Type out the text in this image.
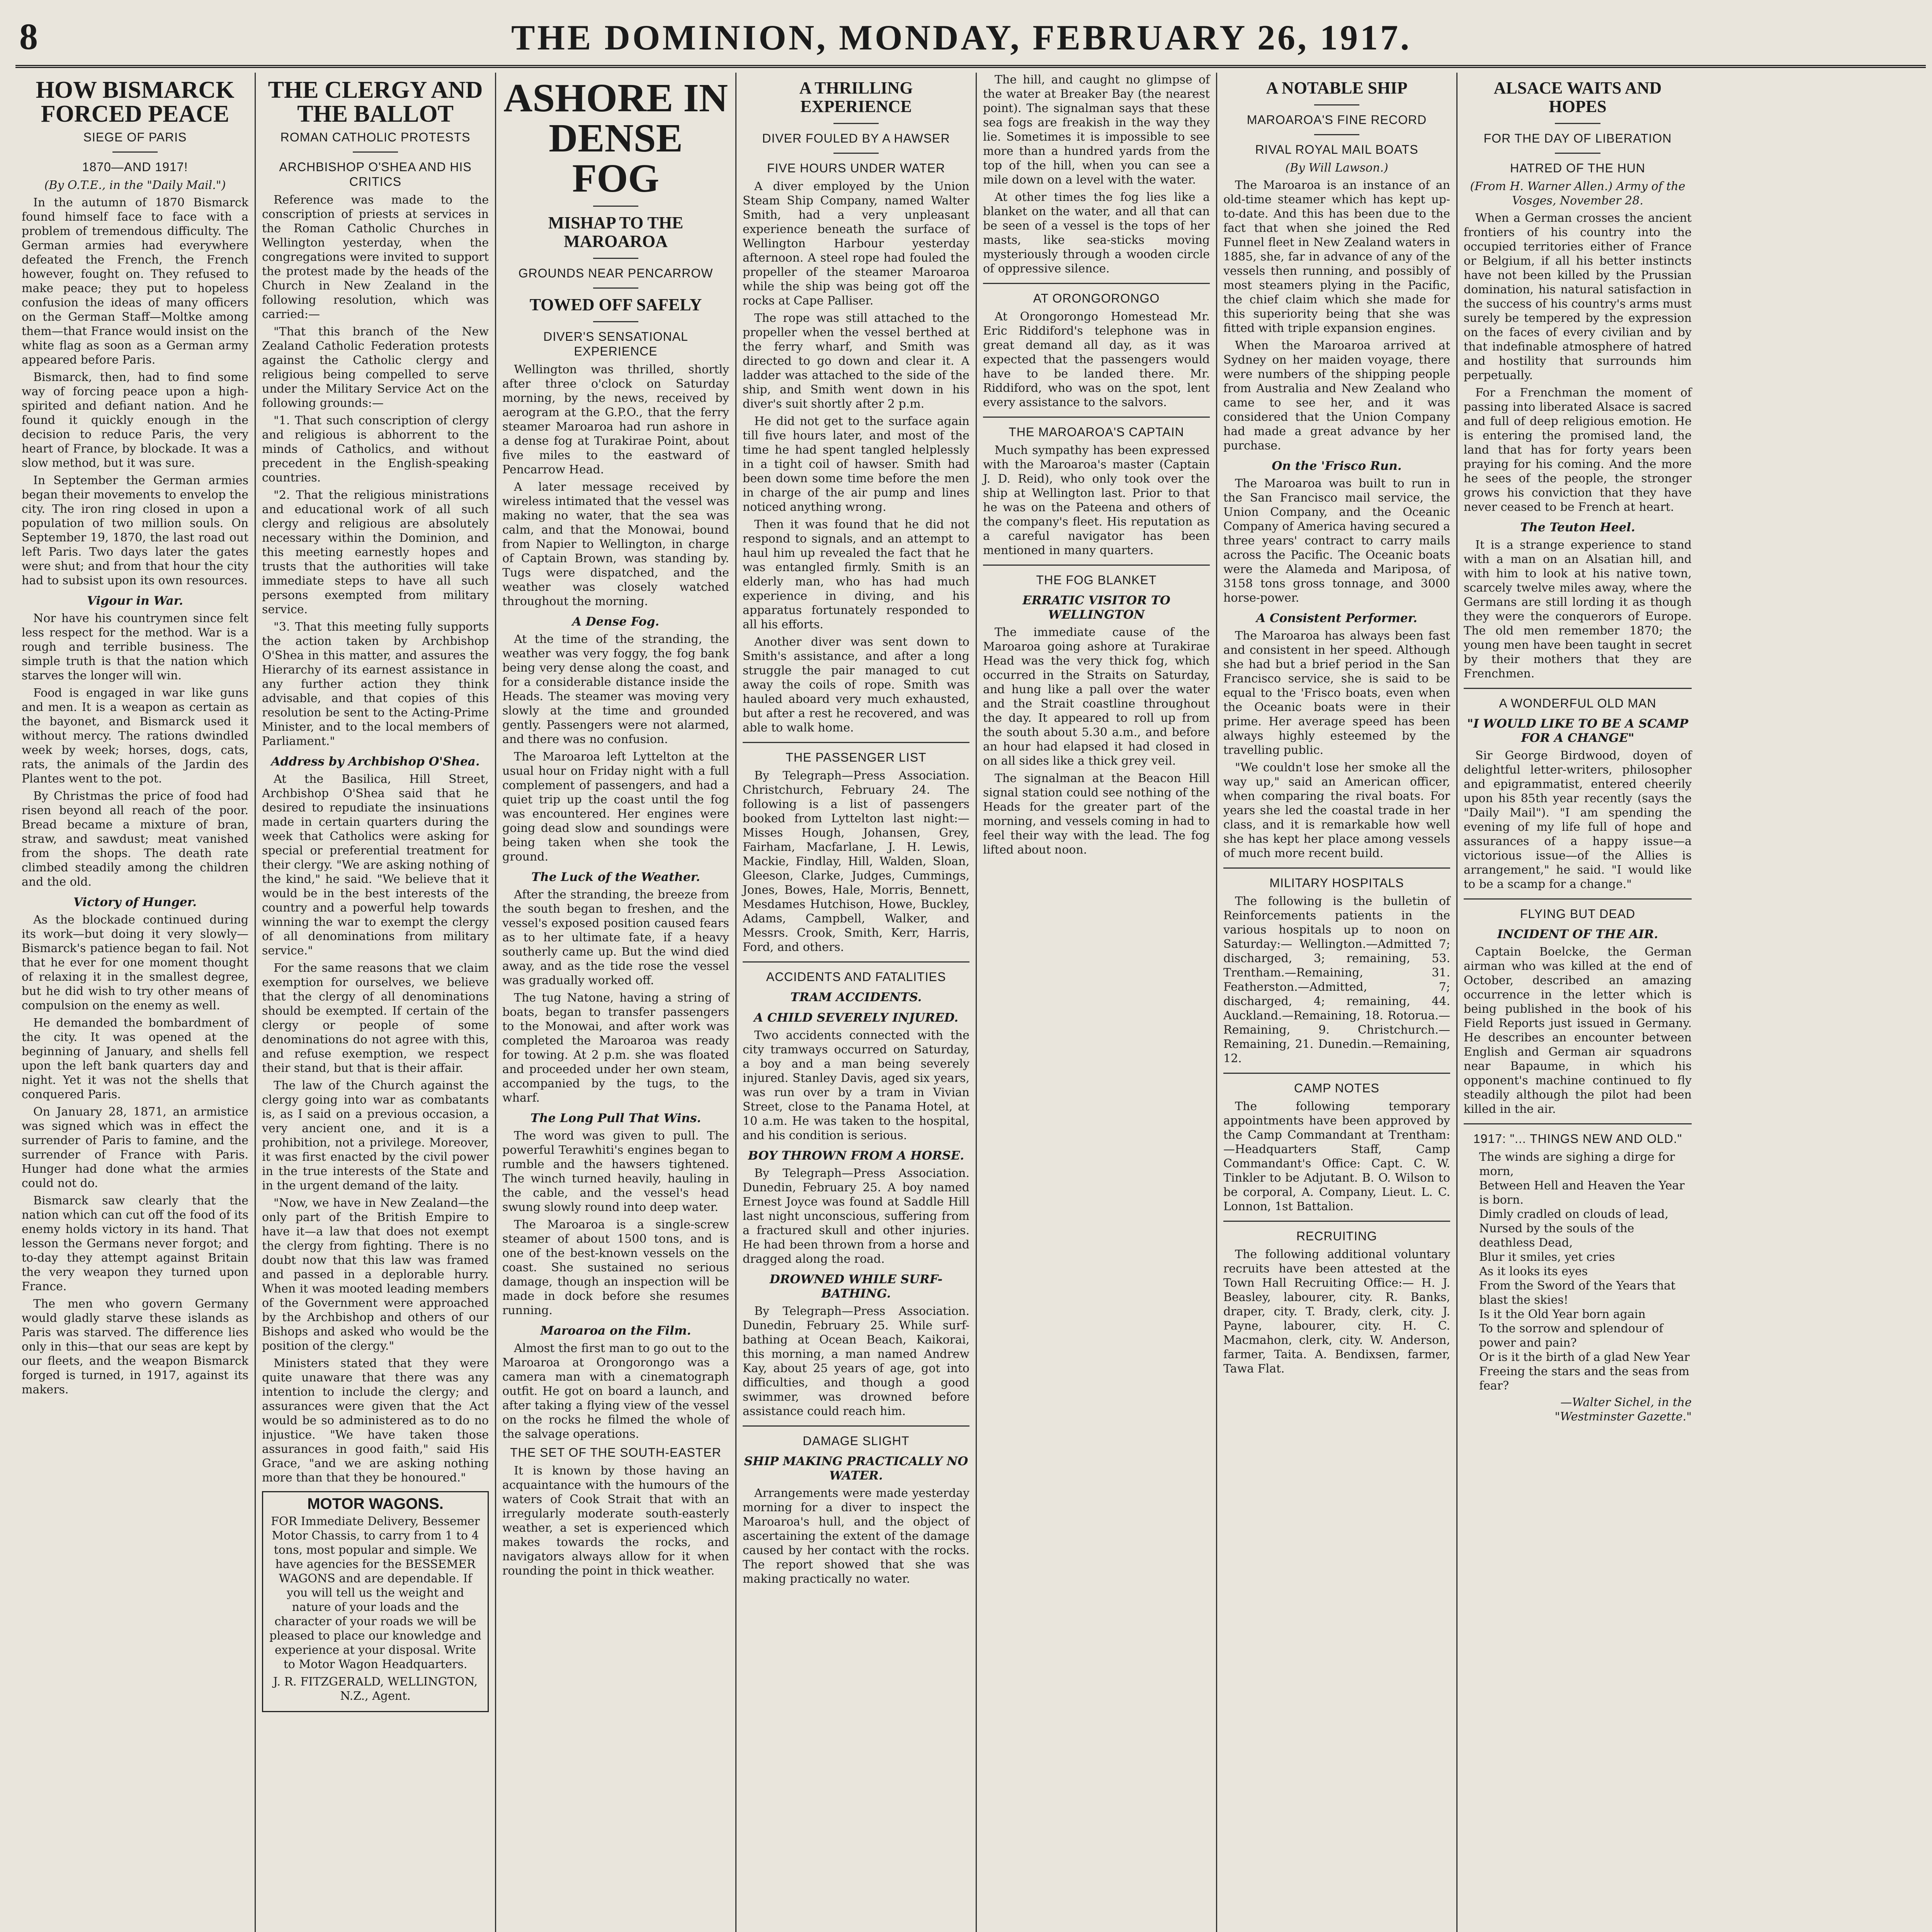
8	THE DOMINION, MONDAY, FEBRUARY 26, 1917.
HOW BISMARCK FORCED PEACE
SIEGE OF PARIS
1870—AND 1917!

(By O.T.E., in the "Daily Mail.")

In the autumn of 1870 Bismarck found himself face to face with a problem of tremendous difficulty. The German armies had everywhere defeated the French, the French however, fought on. They refused to make peace; they put to hopeless confusion the ideas of many officers on the German Staff—Moltke among them—that France would insist on the white flag as soon as a German army appeared before Paris.

Bismarck, then, had to find some way of forcing peace upon a high-spirited and defiant nation. And he found it quickly enough in the decision to reduce Paris, the very heart of France, by blockade. It was a slow method, but it was sure.

In September the German armies began their movements to envelop the city. The iron ring closed in upon a population of two million souls. On September 19, 1870, the last road out left Paris. Two days later the gates were shut; and from that hour the city had to subsist upon its own resources.

Vigour in War.

Nor have his countrymen since felt less respect for the method. War is a rough and terrible business. The simple truth is that the nation which starves the longer will win.

Food is engaged in war like guns and men. It is a weapon as certain as the bayonet, and Bismarck used it without mercy. The rations dwindled week by week; horses, dogs, cats, rats, the animals of the Jardin des Plantes went to the pot.

By Christmas the price of food had risen beyond all reach of the poor. Bread became a mixture of bran, straw, and sawdust; meat vanished from the shops. The death rate climbed steadily among the children and the old.

Victory of Hunger.

As the blockade continued during its work—but doing it very slowly—Bismarck's patience began to fail. Not that he ever for one moment thought of relaxing it in the smallest degree, but he did wish to try other means of compulsion on the enemy as well.

He demanded the bombardment of the city. It was opened at the beginning of January, and shells fell upon the left bank quarters day and night. Yet it was not the shells that conquered Paris.

On January 28, 1871, an armistice was signed which was in effect the surrender of Paris to famine, and the surrender of France with Paris. Hunger had done what the armies could not do.

Bismarck saw clearly that the nation which can cut off the food of its enemy holds victory in its hand. That lesson the Germans never forgot; and to-day they attempt against Britain the very weapon they turned upon France.

The men who govern Germany would gladly starve these islands as Paris was starved. The difference lies only in this—that our seas are kept by our fleets, and the weapon Bismarck forged is turned, in 1917, against its makers.

THE CLERGY AND THE BALLOT
ROMAN CATHOLIC PROTESTS
ARCHBISHOP O'SHEA AND HIS CRITICS

Reference was made to the conscription of priests at services in the Roman Catholic Churches in Wellington yesterday, when the congregations were invited to support the protest made by the heads of the Church in New Zealand in the following resolution, which was carried:—

"That this branch of the New Zealand Catholic Federation protests against the Catholic clergy and religious being compelled to serve under the Military Service Act on the following grounds:—

"1. That such conscription of clergy and religious is abhorrent to the minds of Catholics, and without precedent in the English-speaking countries.

"2. That the religious ministrations and educational work of all such clergy and religious are absolutely necessary within the Dominion, and this meeting earnestly hopes and trusts that the authorities will take immediate steps to have all such persons exempted from military service.

"3. That this meeting fully supports the action taken by Archbishop O'Shea in this matter, and assures the Hierarchy of its earnest assistance in any further action they think advisable, and that copies of this resolution be sent to the Acting-Prime Minister, and to the local members of Parliament."

Address by Archbishop O'Shea.

At the Basilica, Hill Street, Archbishop O'Shea said that he desired to repudiate the insinuations made in certain quarters during the week that Catholics were asking for special or preferential treatment for their clergy. "We are asking nothing of the kind," he said. "We believe that it would be in the best interests of the country and a powerful help towards winning the war to exempt the clergy of all denominations from military service."

For the same reasons that we claim exemption for ourselves, we believe that the clergy of all denominations should be exempted. If certain of the clergy or people of some denominations do not agree with this, and refuse exemption, we respect their stand, but that is their affair.

The law of the Church against the clergy going into war as combatants is, as I said on a previous occasion, a very ancient one, and it is a prohibition, not a privilege. Moreover, it was first enacted by the civil power in the true interests of the State and in the urgent demand of the laity.

"Now, we have in New Zealand—the only part of the British Empire to have it—a law that does not exempt the clergy from fighting. There is no doubt now that this law was framed and passed in a deplorable hurry. When it was mooted leading members of the Government were approached by the Archbishop and others of our Bishops and asked who would be the position of the clergy."

Ministers stated that they were quite unaware that there was any intention to include the clergy; and assurances were given that the Act would be so administered as to do no injustice. "We have taken those assurances in good faith," said His Grace, "and we are asking nothing more than that they be honoured."

MOTOR WAGONS.

FOR Immediate Delivery, Bessemer Motor Chassis, to carry from 1 to 4 tons, most popular and simple. We have agencies for the BESSEMER WAGONS and are dependable. If you will tell us the weight and nature of your loads and the character of your roads we will be pleased to place our knowledge and experience at your disposal. Write to Motor Wagon Headquarters.

J. R. FITZGERALD, WELLINGTON, N.Z., Agent.

ASHORE IN DENSE FOG
MISHAP TO THE MAROAROA
GROUNDS NEAR PENCARROW
TOWED OFF SAFELY
DIVER'S SENSATIONAL EXPERIENCE

Wellington was thrilled, shortly after three o'clock on Saturday morning, by the news, received by aerogram at the G.P.O., that the ferry steamer Maroaroa had run ashore in a dense fog at Turakirae Point, about five miles to the eastward of Pencarrow Head.

A later message received by wireless intimated that the vessel was making no water, that the sea was calm, and that the Monowai, bound from Napier to Wellington, in charge of Captain Brown, was standing by. Tugs were dispatched, and the weather was closely watched throughout the morning.

A Dense Fog.

At the time of the stranding, the weather was very foggy, the fog bank being very dense along the coast, and for a considerable distance inside the Heads. The steamer was moving very slowly at the time and grounded gently. Passengers were not alarmed, and there was no confusion.

The Maroaroa left Lyttelton at the usual hour on Friday night with a full complement of passengers, and had a quiet trip up the coast until the fog was encountered. Her engines were going dead slow and soundings were being taken when she took the ground.

The Luck of the Weather.

After the stranding, the breeze from the south began to freshen, and the vessel's exposed position caused fears as to her ultimate fate, if a heavy southerly came up. But the wind died away, and as the tide rose the vessel was gradually worked off.

The tug Natone, having a string of boats, began to transfer passengers to the Monowai, and after work was completed the Maroaroa was ready for towing. At 2 p.m. she was floated and proceeded under her own steam, accompanied by the tugs, to the wharf.

The Long Pull That Wins.

The word was given to pull. The powerful Terawhiti's engines began to rumble and the hawsers tightened. The winch turned heavily, hauling in the cable, and the vessel's head swung slowly round into deep water.

The Maroaroa is a single-screw steamer of about 1500 tons, and is one of the best-known vessels on the coast. She sustained no serious damage, though an inspection will be made in dock before she resumes running.

Maroaroa on the Film.

Almost the first man to go out to the Maroaroa at Orongorongo was a camera man with a cinematograph outfit. He got on board a launch, and after taking a flying view of the vessel on the rocks he filmed the whole of the salvage operations.

THE SET OF THE SOUTH-EASTER

It is known by those having an acquaintance with the humours of the waters of Cook Strait that with an irregularly moderate south-easterly weather, a set is experienced which makes towards the rocks, and navigators always allow for it when rounding the point in thick weather.

A THRILLING EXPERIENCE
DIVER FOULED BY A HAWSER
FIVE HOURS UNDER WATER

A diver employed by the Union Steam Ship Company, named Walter Smith, had a very unpleasant experience beneath the surface of Wellington Harbour yesterday afternoon. A steel rope had fouled the propeller of the steamer Maroaroa while the ship was being got off the rocks at Cape Palliser.

The rope was still attached to the propeller when the vessel berthed at the ferry wharf, and Smith was directed to go down and clear it. A ladder was attached to the side of the ship, and Smith went down in his diver's suit shortly after 2 p.m.

He did not get to the surface again till five hours later, and most of the time he had spent tangled helplessly in a tight coil of hawser. Smith had been down some time before the men in charge of the air pump and lines noticed anything wrong.

Then it was found that he did not respond to signals, and an attempt to haul him up revealed the fact that he was entangled firmly. Smith is an elderly man, who has had much experience in diving, and his apparatus fortunately responded to all his efforts.

Another diver was sent down to Smith's assistance, and after a long struggle the pair managed to cut away the coils of rope. Smith was hauled aboard very much exhausted, but after a rest he recovered, and was able to walk home.

THE PASSENGER LIST

By Telegraph—Press Association. Christchurch, February 24. The following is a list of passengers booked from Lyttelton last night:—Misses Hough, Johansen, Grey, Fairham, Macfarlane, J. H. Lewis, Mackie, Findlay, Hill, Walden, Sloan, Gleeson, Clarke, Judges, Cummings, Jones, Bowes, Hale, Morris, Bennett, Mesdames Hutchison, Howe, Buckley, Adams, Campbell, Walker, and Messrs. Crook, Smith, Kerr, Harris, Ford, and others.

ACCIDENTS AND FATALITIES
TRAM ACCIDENTS.
A CHILD SEVERELY INJURED.

Two accidents connected with the city tramways occurred on Saturday, a boy and a man being severely injured. Stanley Davis, aged six years, was run over by a tram in Vivian Street, close to the Panama Hotel, at 10 a.m. He was taken to the hospital, and his condition is serious.

BOY THROWN FROM A HORSE.

By Telegraph—Press Association. Dunedin, February 25. A boy named Ernest Joyce was found at Saddle Hill last night unconscious, suffering from a fractured skull and other injuries. He had been thrown from a horse and dragged along the road.

DROWNED WHILE SURF-BATHING.

By Telegraph—Press Association. Dunedin, February 25. While surf-bathing at Ocean Beach, Kaikorai, this morning, a man named Andrew Kay, about 25 years of age, got into difficulties, and though a good swimmer, was drowned before assistance could reach him.

DAMAGE SLIGHT
SHIP MAKING PRACTICALLY NO WATER.

Arrangements were made yesterday morning for a diver to inspect the Maroaroa's hull, and the object of ascertaining the extent of the damage caused by her contact with the rocks. The report showed that she was making practically no water.

The hill, and caught no glimpse of the water at Breaker Bay (the nearest point). The signalman says that these sea fogs are freakish in the way they lie. Sometimes it is impossible to see more than a hundred yards from the top of the hill, when you can see a mile down on a level with the water.

At other times the fog lies like a blanket on the water, and all that can be seen of a vessel is the tops of her masts, like sea-sticks moving mysteriously through a wooden circle of oppressive silence.

AT ORONGORONGO

At Orongorongo Homestead Mr. Eric Riddiford's telephone was in great demand all day, as it was expected that the passengers would have to be landed there. Mr. Riddiford, who was on the spot, lent every assistance to the salvors.

THE MAROAROA'S CAPTAIN

Much sympathy has been expressed with the Maroaroa's master (Captain J. D. Reid), who only took over the ship at Wellington last. Prior to that he was on the Pateena and others of the company's fleet. His reputation as a careful navigator has been mentioned in many quarters.

THE FOG BLANKET
ERRATIC VISITOR TO WELLINGTON

The immediate cause of the Maroaroa going ashore at Turakirae Head was the very thick fog, which occurred in the Straits on Saturday, and hung like a pall over the water and the Strait coastline throughout the day. It appeared to roll up from the south about 5.30 a.m., and before an hour had elapsed it had closed in on all sides like a thick grey veil.

The signalman at the Beacon Hill signal station could see nothing of the Heads for the greater part of the morning, and vessels coming in had to feel their way with the lead. The fog lifted about noon.

A NOTABLE SHIP
MAROAROA'S FINE RECORD
RIVAL ROYAL MAIL BOATS

(By Will Lawson.)

The Maroaroa is an instance of an old-time steamer which has kept up-to-date. And this has been due to the fact that when she joined the Red Funnel fleet in New Zealand waters in 1885, she, far in advance of any of the vessels then running, and possibly of most steamers plying in the Pacific, the chief claim which she made for this superiority being that she was fitted with triple expansion engines.

When the Maroaroa arrived at Sydney on her maiden voyage, there were numbers of the shipping people from Australia and New Zealand who came to see her, and it was considered that the Union Company had made a great advance by her purchase.

On the 'Frisco Run.

The Maroaroa was built to run in the San Francisco mail service, the Union Company, and the Oceanic Company of America having secured a three years' contract to carry mails across the Pacific. The Oceanic boats were the Alameda and Mariposa, of 3158 tons gross tonnage, and 3000 horse-power.

A Consistent Performer.

The Maroaroa has always been fast and consistent in her speed. Although she had but a brief period in the San Francisco service, she is said to be equal to the 'Frisco boats, even when the Oceanic boats were in their prime. Her average speed has been always highly esteemed by the travelling public.

"We couldn't lose her smoke all the way up," said an American officer, when comparing the rival boats. For years she led the coastal trade in her class, and it is remarkable how well she has kept her place among vessels of much more recent build.

MILITARY HOSPITALS

The following is the bulletin of Reinforcements patients in the various hospitals up to noon on Saturday:— Wellington.—Admitted 7; discharged, 3; remaining, 53. Trentham.—Remaining, 31. Featherston.—Admitted, 7; discharged, 4; remaining, 44. Auckland.—Remaining, 18. Rotorua.—Remaining, 9. Christchurch.—Remaining, 21. Dunedin.—Remaining, 12.

CAMP NOTES

The following temporary appointments have been approved by the Camp Commandant at Trentham:—Headquarters Staff, Camp Commandant's Office: Capt. C. W. Tinkler to be Adjutant. B. O. Wilson to be corporal, A. Company, Lieut. L. C. Lonnon, 1st Battalion.

RECRUITING

The following additional voluntary recruits have been attested at the Town Hall Recruiting Office:— H. J. Beasley, labourer, city. R. Banks, draper, city. T. Brady, clerk, city. J. Payne, labourer, city. H. C. Macmahon, clerk, city. W. Anderson, farmer, Taita. A. Bendixsen, farmer, Tawa Flat.

ALSACE WAITS AND HOPES
FOR THE DAY OF LIBERATION
HATRED OF THE HUN

(From H. Warner Allen.) Army of the Vosges, November 28.

When a German crosses the ancient frontiers of his country into the occupied territories either of France or Belgium, if all his better instincts have not been killed by the Prussian domination, his natural satisfaction in the success of his country's arms must surely be tempered by the expression on the faces of every civilian and by that indefinable atmosphere of hatred and hostility that surrounds him perpetually.

For a Frenchman the moment of passing into liberated Alsace is sacred and full of deep religious emotion. He is entering the promised land, the land that has for forty years been praying for his coming. And the more he sees of the people, the stronger grows his conviction that they have never ceased to be French at heart.

The Teuton Heel.

It is a strange experience to stand with a man on an Alsatian hill, and with him to look at his native town, scarcely twelve miles away, where the Germans are still lording it as though they were the conquerors of Europe. The old men remember 1870; the young men have been taught in secret by their mothers that they are Frenchmen.

A WONDERFUL OLD MAN
"I WOULD LIKE TO BE A SCAMP FOR A CHANGE"

Sir George Birdwood, doyen of delightful letter-writers, philosopher and epigrammatist, entered cheerily upon his 85th year recently (says the "Daily Mail"). "I am spending the evening of my life full of hope and assurances of a happy issue—a victorious issue—of the Allies is arrangement," he said. "I would like to be a scamp for a change."

FLYING BUT DEAD
INCIDENT OF THE AIR.

Captain Boelcke, the German airman who was killed at the end of October, described an amazing occurrence in the letter which is being published in the book of his Field Reports just issued in Germany. He describes an encounter between English and German air squadrons near Bapaume, in which his opponent's machine continued to fly steadily although the pilot had been killed in the air.

1917: "... THINGS NEW AND OLD."

The winds are sighing a dirge for morn,

Between Hell and Heaven the Year is born.

Dimly cradled on clouds of lead,

Nursed by the souls of the deathless Dead,

Blur it smiles, yet cries

As it looks its eyes

From the Sword of the Years that blast the skies!

Is it the Old Year born again

To the sorrow and splendour of power and pain?

Or is it the birth of a glad New Year

Freeing the stars and the seas from fear?

—Walter Sichel, in the "Westminster Gazette."
